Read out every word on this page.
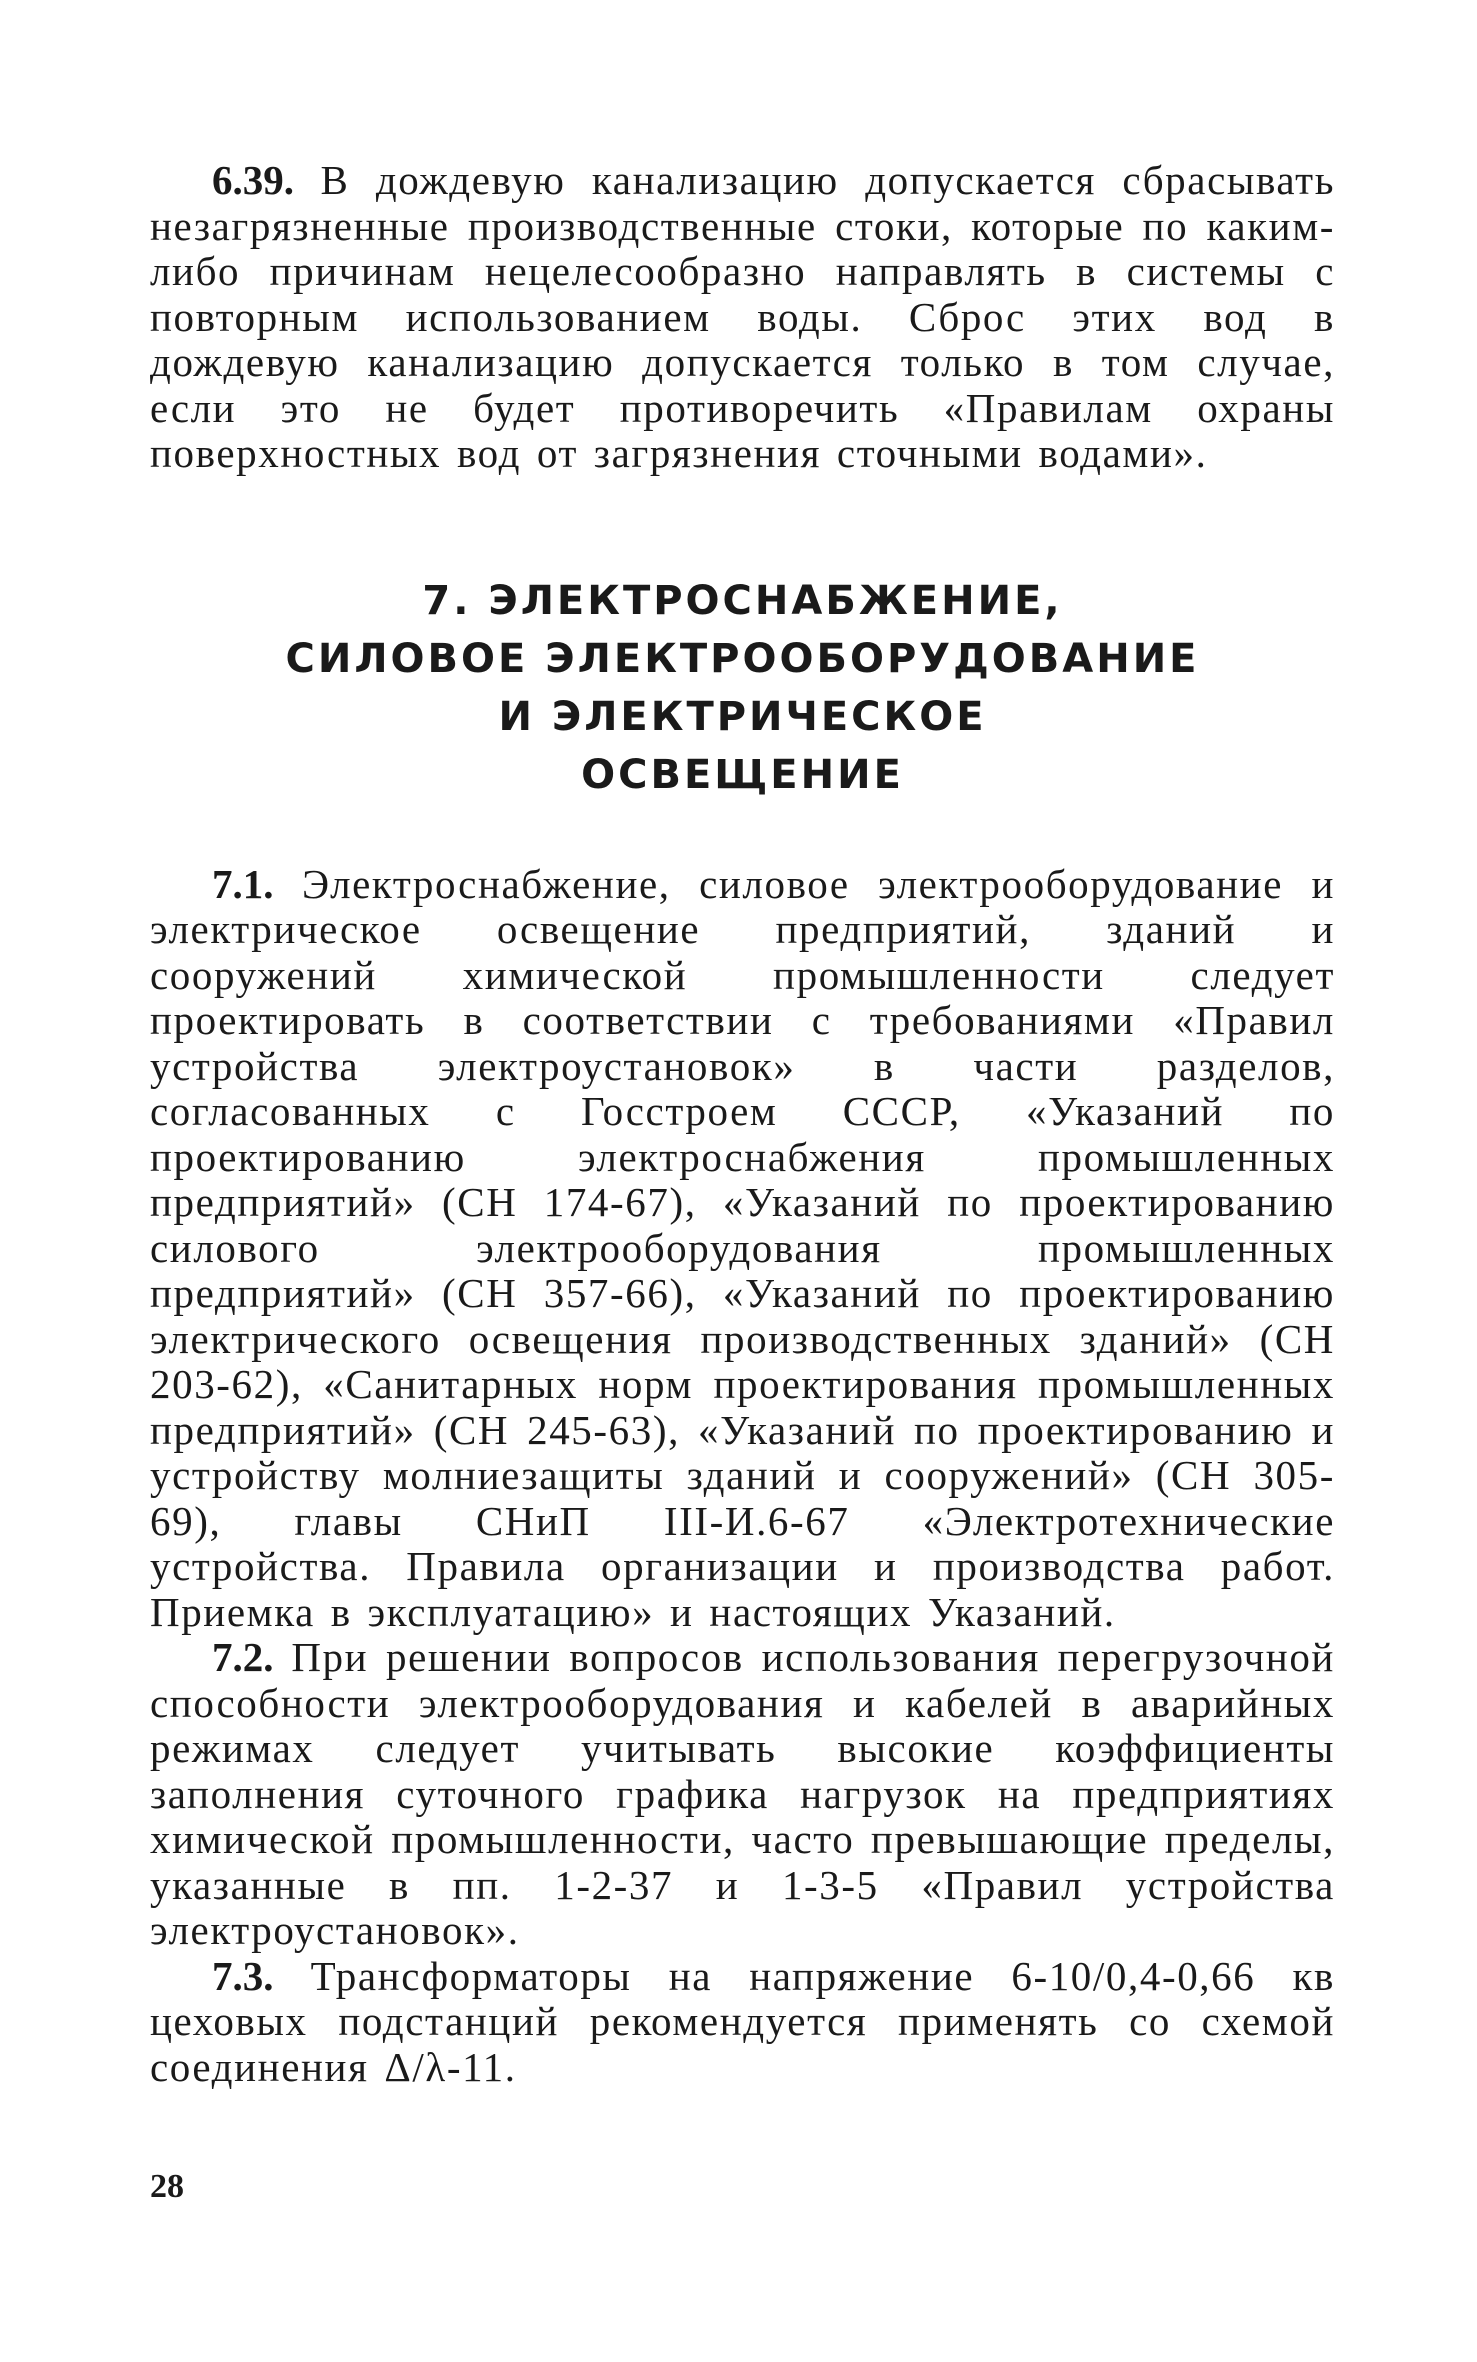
6.39. В дождевую канализацию допускается сбрасывать незагрязненные производственные стоки, которые по каким-либо причинам нецелесообразно направлять в системы с повторным использованием воды. Сброс этих вод в дождевую канализацию допускается только в том случае, если это не будет противоречить «Правилам охраны поверхностных вод от загрязнения сточными водами».

7. ЭЛЕКТРОСНАБЖЕНИЕ,
СИЛОВОЕ ЭЛЕКТРООБОРУДОВАНИЕ
И ЭЛЕКТРИЧЕСКОЕ
ОСВЕЩЕНИЕ

7.1. Электроснабжение, силовое электрооборудование и электрическое освещение предприятий, зданий и сооружений химической промышленности следует проектировать в соответствии с требованиями «Правил устройства электроустановок» в части разделов, согласованных с Госстроем СССР, «Указаний по проектированию электроснабжения промышленных предприятий» (СН 174-67), «Указаний по проектированию силового электрооборудования промышленных предприятий» (СН 357-66), «Указаний по проектированию электрического освещения производственных зданий» (СН 203-62), «Санитарных норм проектирования промышленных предприятий» (СН 245-63), «Указаний по проектированию и устройству молниезащиты зданий и сооружений» (СН 305-69), главы СНиП III-И.6-67 «Электротехнические устройства. Правила организации и производства работ. Приемка в эксплуатацию» и настоящих Указаний.

7.2. При решении вопросов использования перегрузочной способности электрооборудования и кабелей в аварийных режимах следует учитывать высокие коэффициенты заполнения суточного графика нагрузок на предприятиях химической промышленности, часто превышающие пределы, указанные в пп. 1-2-37 и 1-3-5 «Правил устройства электроустановок».

7.3. Трансформаторы на напряжение 6-10/0,4-0,66 кв цеховых подстанций рекомендуется применять со схемой соединения Δ/λ-11.

28
